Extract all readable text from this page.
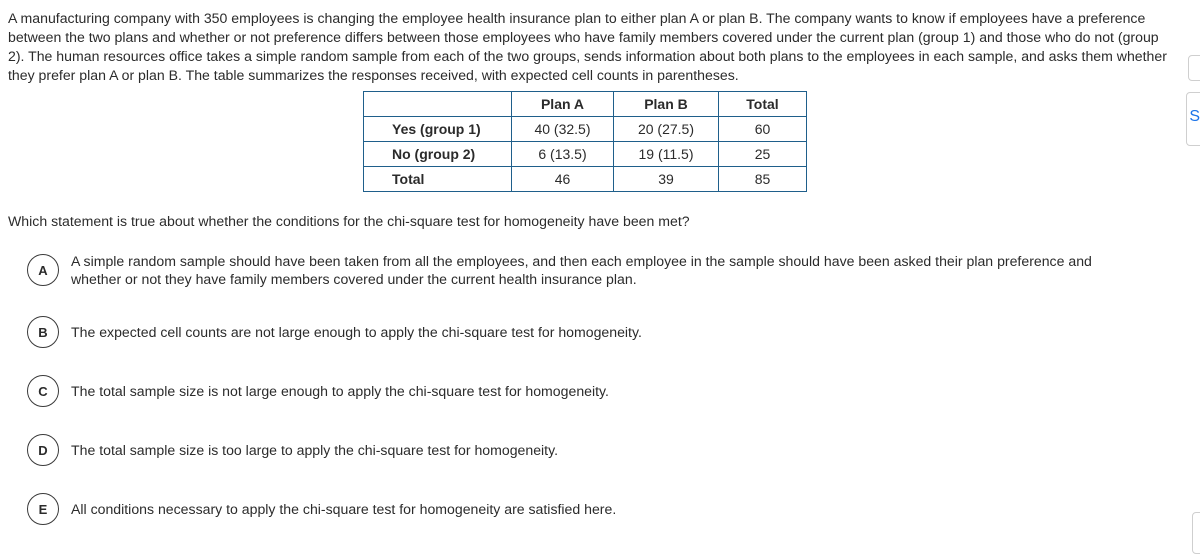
A manufacturing company with 350 employees is changing the employee health insurance plan to either plan A or plan B. The company wants to know if employees have a preference between the two plans and whether or not preference differs between those employees who have family members covered under the current plan (group 1) and those who do not (group 2). The human resources office takes a simple random sample from each of the two groups, sends information about both plans to the employees in each sample, and asks them whether they prefer plan A or plan B. The table summarizes the responses received, with expected cell counts in parentheses.
	Plan A	Plan B	Total
Yes (group 1)	40 (32.5)	20 (27.5)	60
No (group 2)	6 (13.5)	19 (11.5)	25
Total	46	39	85
Which statement is true about whether the conditions for the chi-square test for homogeneity have been met?
A
A simple random sample should have been taken from all the employees, and then each employee in the sample should have been asked their plan preference and whether or not they have family members covered under the current health insurance plan.
B	The expected cell counts are not large enough to apply the chi-square test for homogeneity.
C	The total sample size is not large enough to apply the chi-square test for homogeneity.
D	The total sample size is too large to apply the chi-square test for homogeneity.
E	All conditions necessary to apply the chi-square test for homogeneity are satisfied here.
S
